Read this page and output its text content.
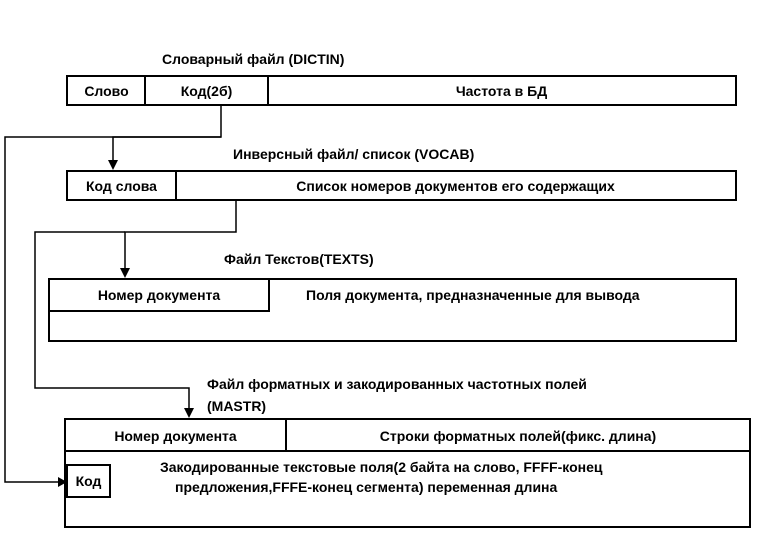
Словарный файл (DICTIN)
Слово	Код(2б)	Частота в БД
Инверсный файл/ список (VOCAB)
Код слова	Список номеров документов его содержащих
Файл Текстов(TEXTS)
Номер документа	Поля документа, предназначенные для вывода
Файл форматных и закодированных частотных полей
(MASTR)
Номер документа	Строки форматных полей(фикс. длина)
Код
Закодированные текстовые поля(2 байта на слово, FFFF-конец
предложения,FFFE-конец сегмента) переменная длина
